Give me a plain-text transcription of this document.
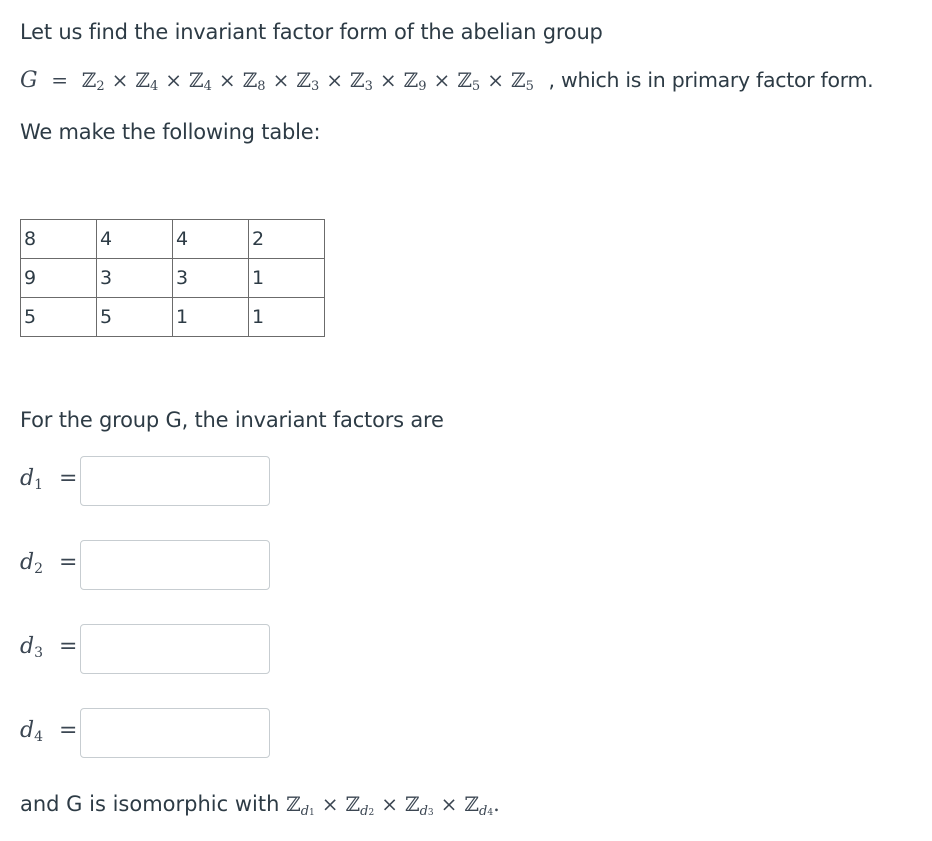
Let us find the invariant factor form of the abelian group
G = ℤ$_2$ × ℤ$_4$ × ℤ$_4$ × ℤ$_8$ × ℤ$_3$ × ℤ$_3$ × ℤ$_9$ × ℤ$_5$ × ℤ$_5$ , which is in primary factor form.
We make the following table:
8	4	4	2
9	3	3	1
5	5	1	1
For the group G, the invariant factors are
$d_1$ =
$d_2$ =
$d_3$ =
$d_4$ =
and G is isomorphic with ℤ$_{d1}$ × ℤ$_{d2}$ × ℤ$_{d3}$ × ℤ$_{d4}$.
